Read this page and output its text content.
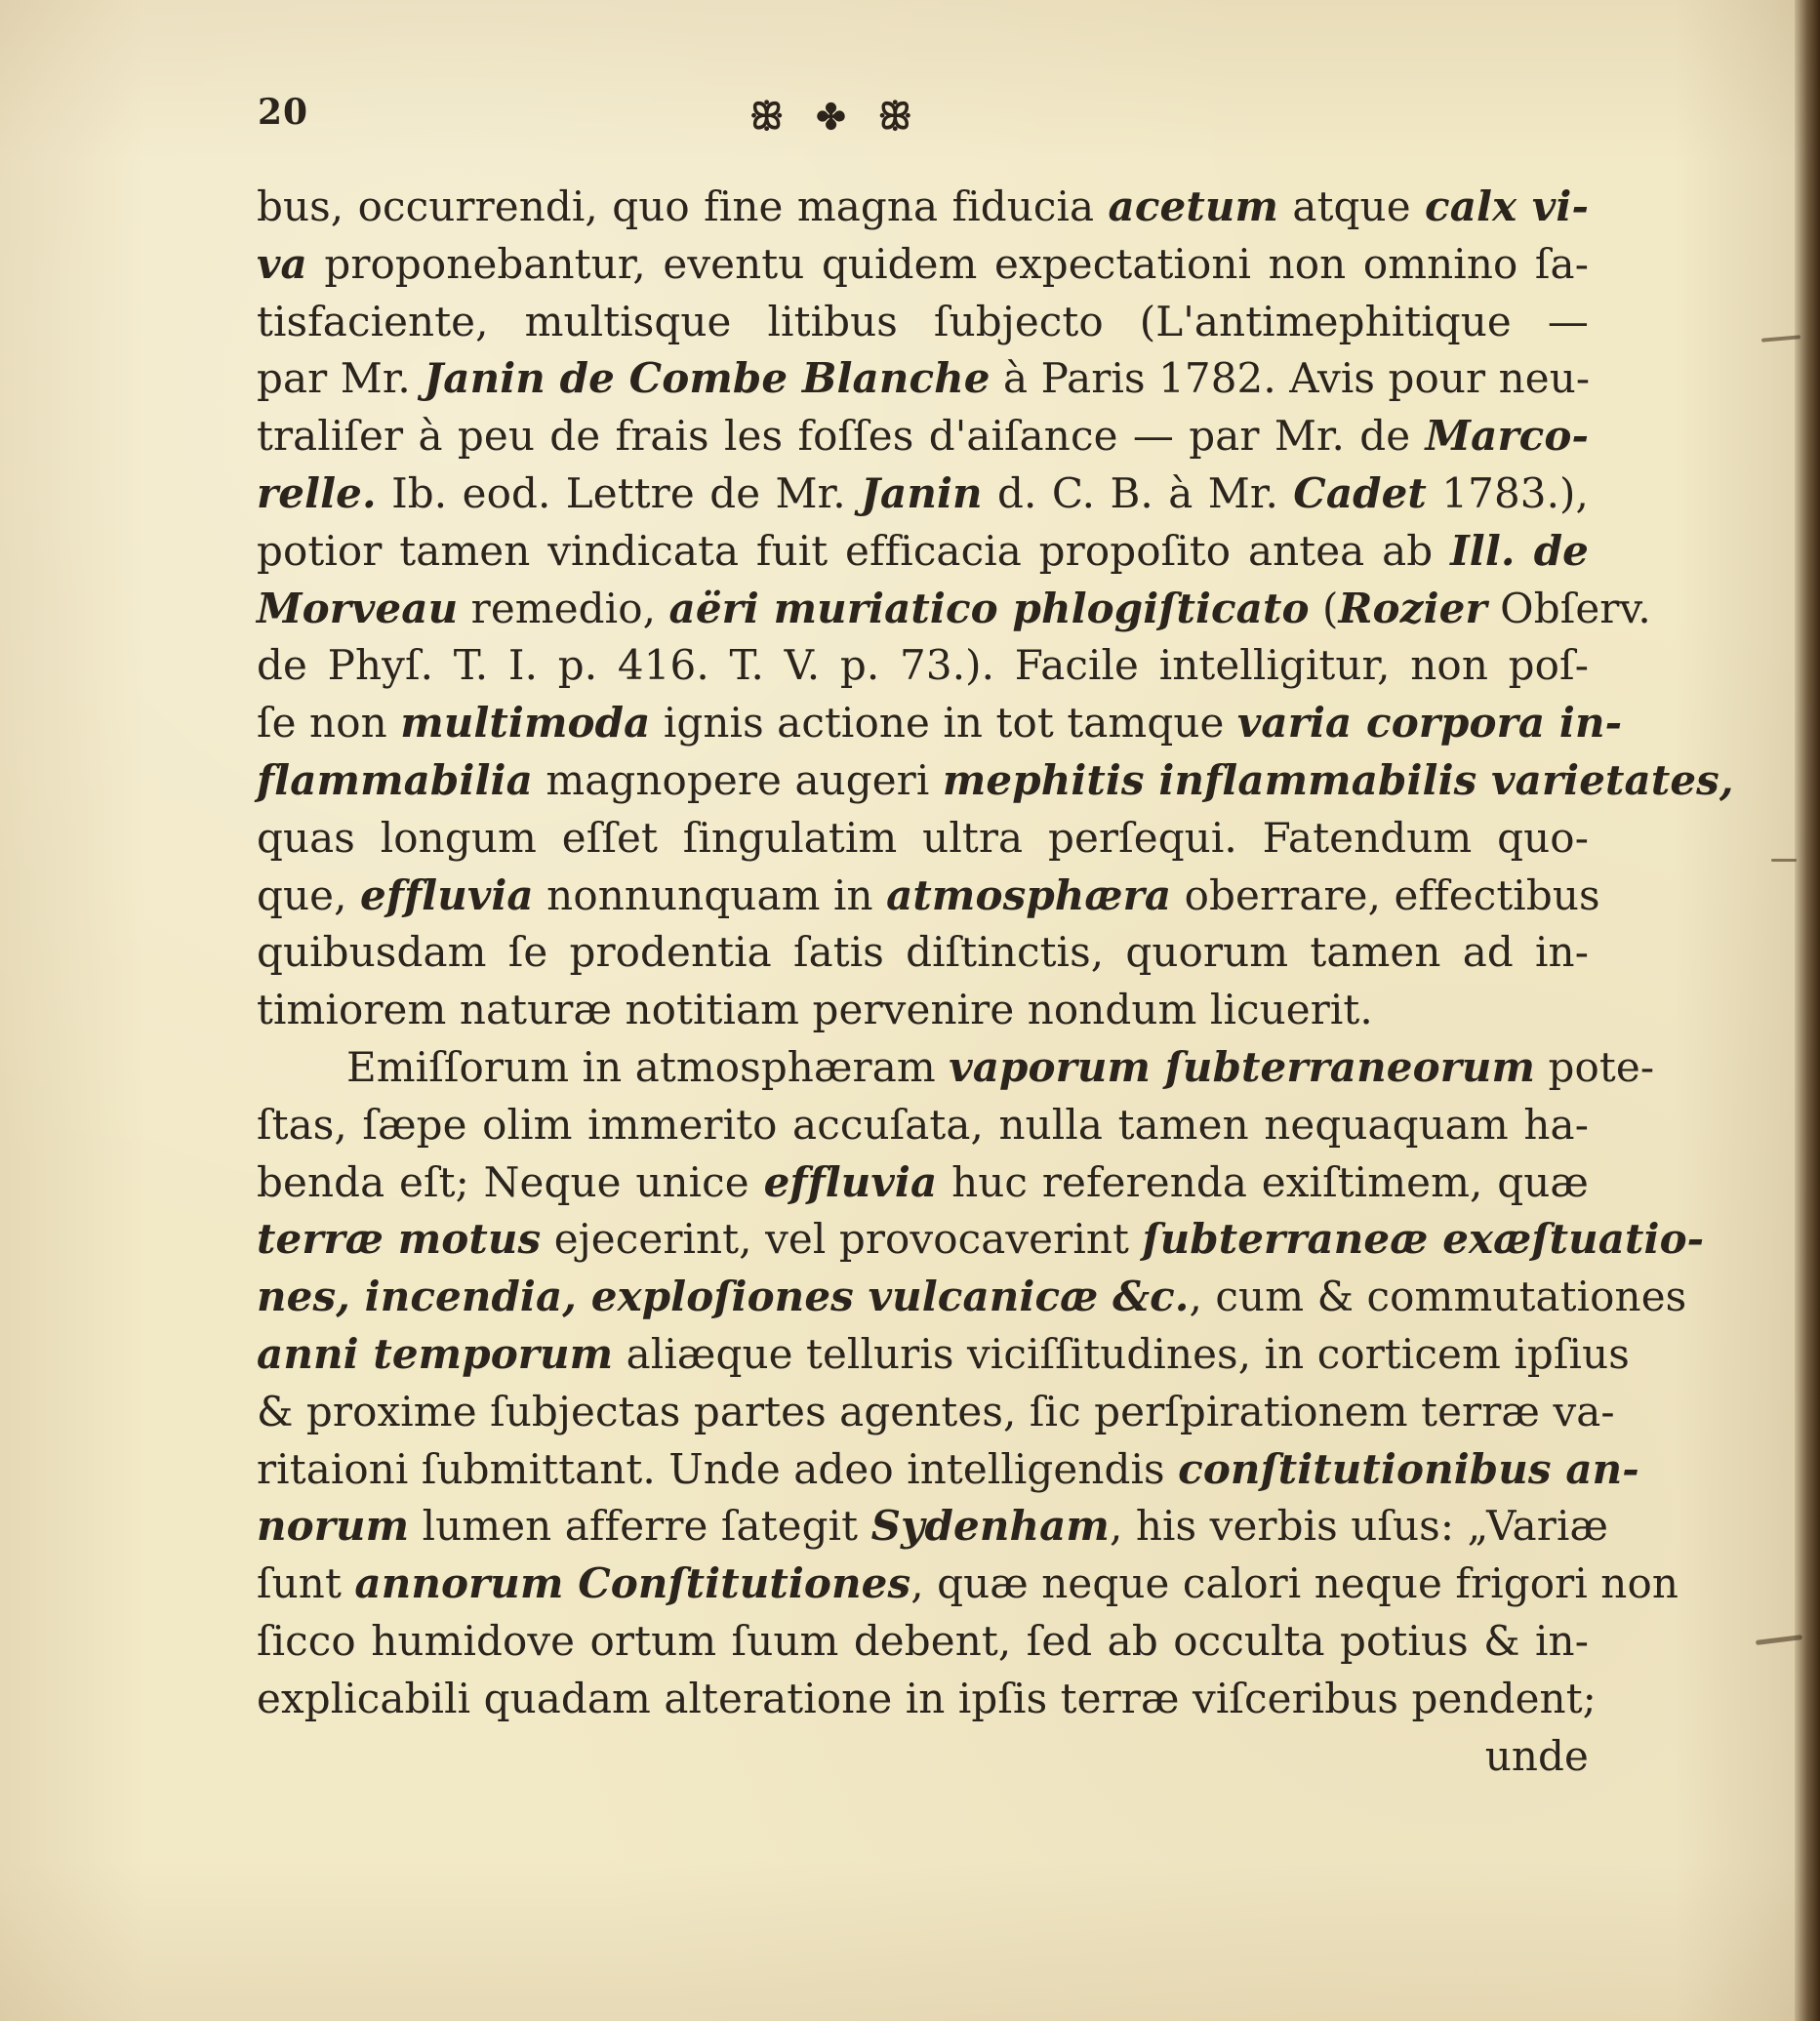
20	ꕥ ✤ ꕥ
bus, occurrendi, quo fine magna fiducia acetum atque calx vi-
va proponebantur, eventu quidem expectationi non omnino ſa-
tisfaciente, multisque litibus ſubjecto (L'antimephitique —
par Mr. Janin de Combe Blanche à Paris 1782. Avis pour neu-
traliſer à peu de frais les foſſes d'aiſance — par Mr. de Marco-
relle. Ib. eod. Lettre de Mr. Janin d. C. B. à Mr. Cadet 1783.),
potior tamen vindicata fuit efficacia propoſito antea ab Ill. de
Morveau remedio, aëri muriatico phlogiſticato (Rozier Obſerv.
de Phyſ. T. I. p. 416. T. V. p. 73.). Facile intelligitur, non poſ-
ſe non multimoda ignis actione in tot tamque varia corpora in-
flammabilia magnopere augeri mephitis inflammabilis varietates,
quas longum eſſet ſingulatim ultra perſequi. Fatendum quo-
que, effluvia nonnunquam in atmosphæra oberrare, effectibus
quibusdam ſe prodentia ſatis diſtinctis, quorum tamen ad in-
timiorem naturæ notitiam pervenire nondum licuerit.
Emiſſorum in atmosphæram vaporum ſubterraneorum pote-
ſtas, ſæpe olim immerito accuſata, nulla tamen nequaquam ha-
benda eſt; Neque unice effluvia huc referenda exiſtimem, quæ
terræ motus ejecerint, vel provocaverint ſubterraneæ exæſtuatio-
nes, incendia, exploſiones vulcanicæ &c., cum & commutationes
anni temporum aliæque telluris viciſſitudines, in corticem ipſius
& proxime ſubjectas partes agentes, ſic perſpirationem terræ va-
ritaioni ſubmittant. Unde adeo intelligendis conſtitutionibus an-
norum lumen afferre ſategit Sydenham, his verbis uſus: „Variæ
ſunt annorum Conſtitutiones, quæ neque calori neque frigori non
ſicco humidove ortum ſuum debent, ſed ab occulta potius & in-
explicabili quadam alteratione in ipſis terræ viſceribus pendent;
unde
